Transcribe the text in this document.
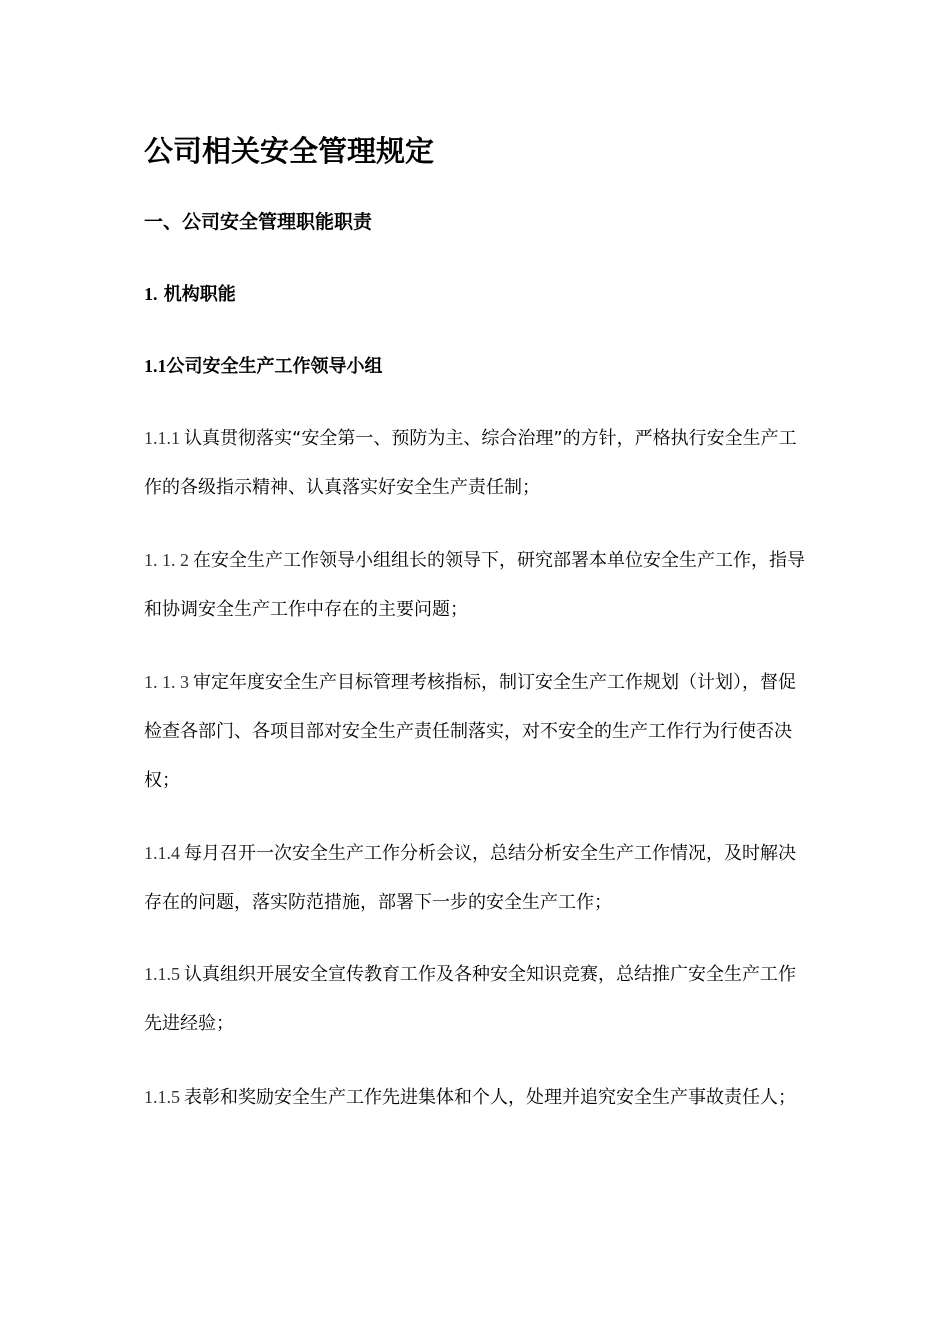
公司相关安全管理规定
一、公司安全管理职能职责
1. 机构职能
1.1公司安全生产工作领导小组

1.1.1 认真贯彻落实“安全第一、预防为主、综合治理”的方针，严格执行安全生产工作的各级指示精神、认真落实好安全生产责任制；

1. 1. 2 在安全生产工作领导小组组长的领导下，研究部署本单位安全生产工作，指导和协调安全生产工作中存在的主要问题；

1. 1. 3 审定年度安全生产目标管理考核指标，制订安全生产工作规划（计划），督促检查各部门、各项目部对安全生产责任制落实，对不安全的生产工作行为行使否决权；

1.1.4 每月召开一次安全生产工作分析会议，总结分析安全生产工作情况，及时解决存在的问题，落实防范措施，部署下一步的安全生产工作；

1.1.5 认真组织开展安全宣传教育工作及各种安全知识竞赛，总结推广安全生产工作先进经验；

1.1.5 表彰和奖励安全生产工作先进集体和个人，处理并追究安全生产事故责任人；
